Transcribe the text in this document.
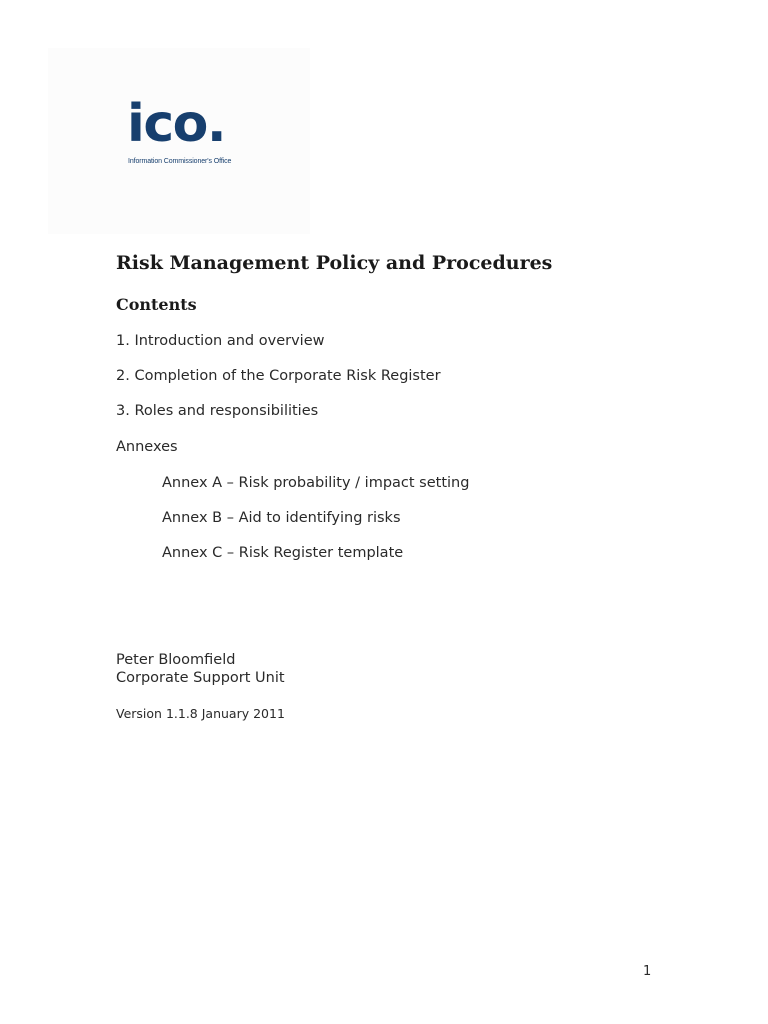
ico.
Information Commissioner's Office
Risk Management Policy and Procedures
Contents
1. Introduction and overview
2. Completion of the Corporate Risk Register
3. Roles and responsibilities
Annexes
Annex A – Risk probability / impact setting
Annex B – Aid to identifying risks
Annex C – Risk Register template
Peter Bloomfield
Corporate Support Unit
Version 1.1.8 January 2011
1
